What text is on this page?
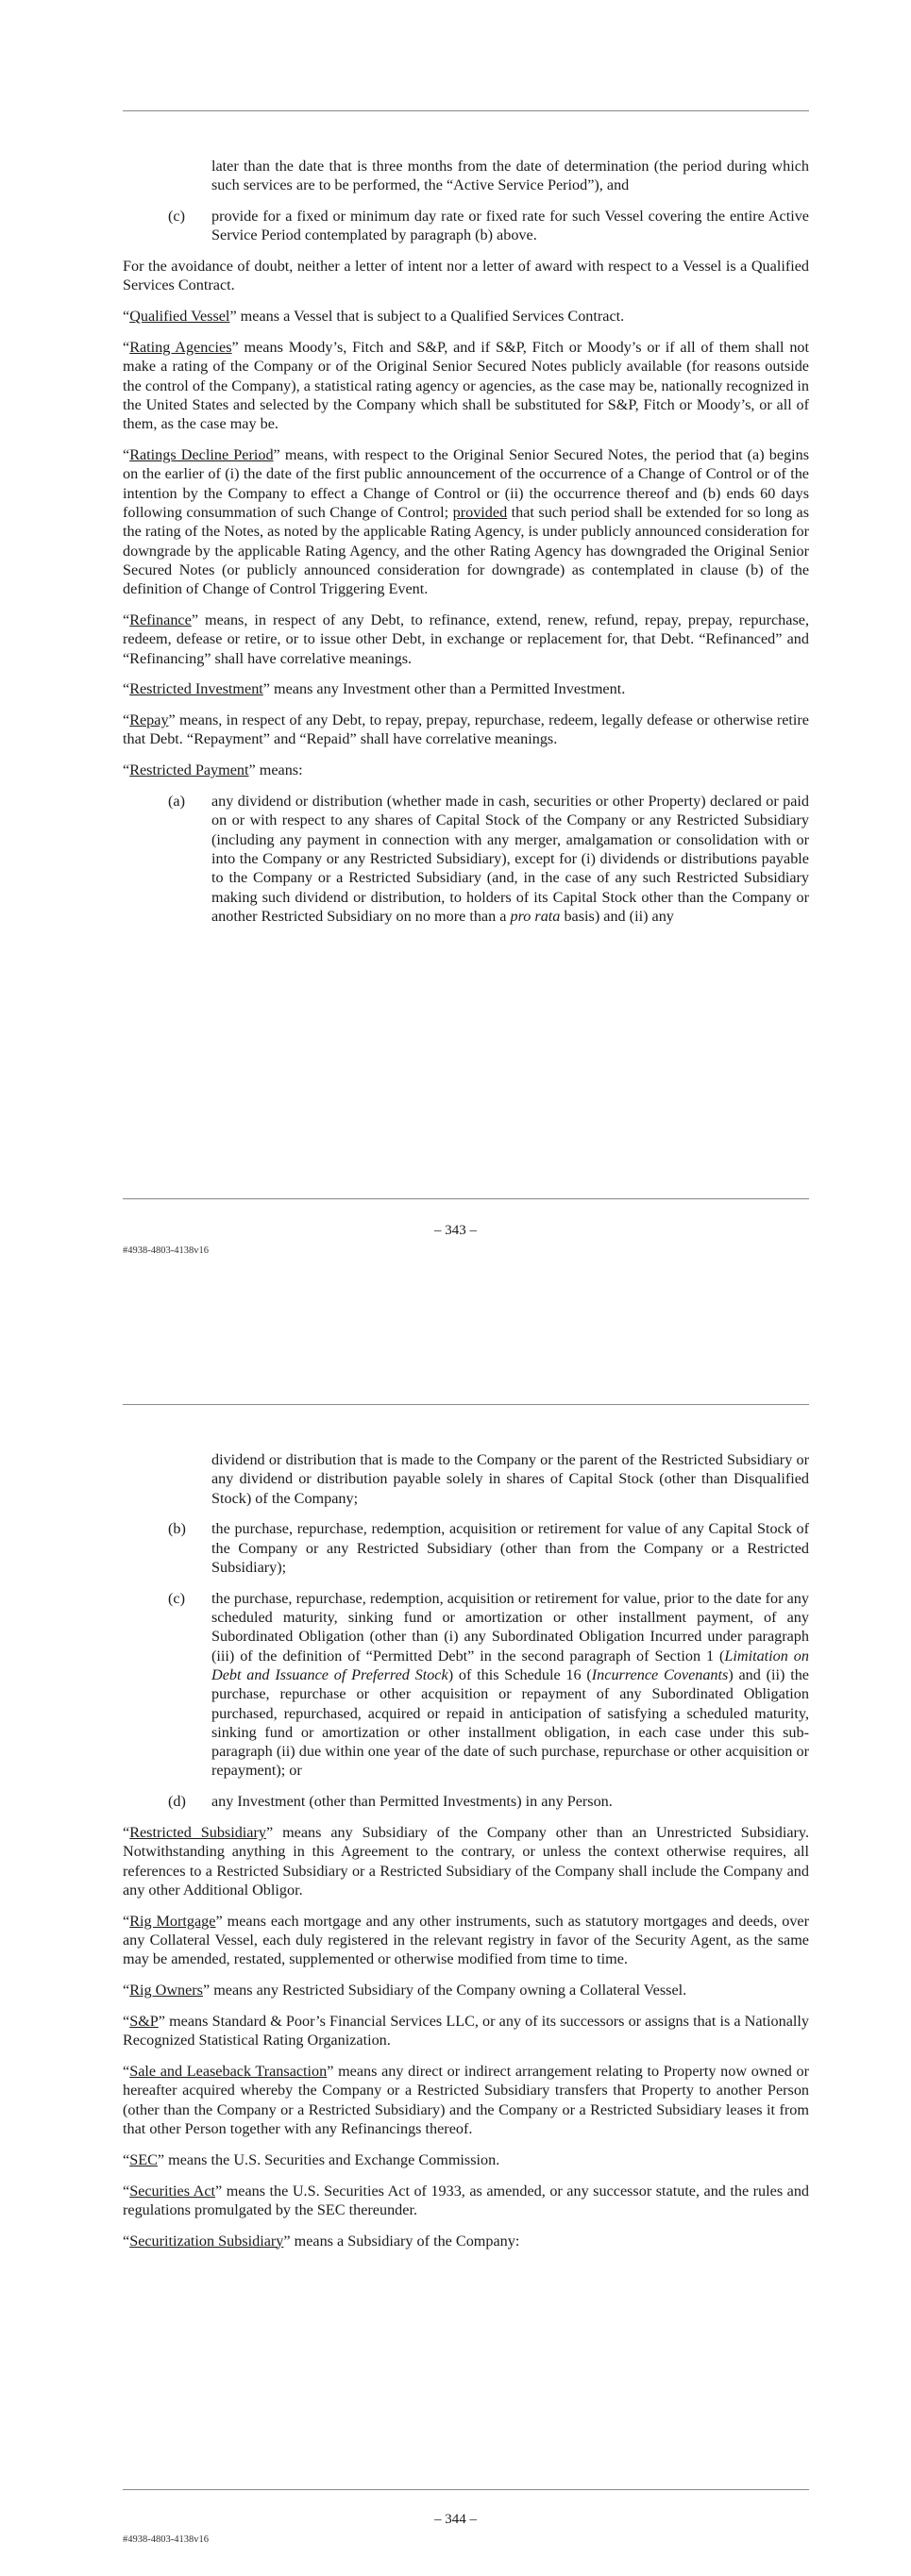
later than the date that is three months from the date of determination (the period during which such services are to be performed, the “Active Service Period”), and

(c) provide for a fixed or minimum day rate or fixed rate for such Vessel covering the entire Active Service Period contemplated by paragraph (b) above.

For the avoidance of doubt, neither a letter of intent nor a letter of award with respect to a Vessel is a Qualified Services Contract.

“Qualified Vessel” means a Vessel that is subject to a Qualified Services Contract.

“Rating Agencies” means Moody’s, Fitch and S&P, and if S&P, Fitch or Moody’s or if all of them shall not make a rating of the Company or of the Original Senior Secured Notes publicly available (for reasons outside the control of the Company), a statistical rating agency or agencies, as the case may be, nationally recognized in the United States and selected by the Company which shall be substituted for S&P, Fitch or Moody’s, or all of them, as the case may be.

“Ratings Decline Period” means, with respect to the Original Senior Secured Notes, the period that (a) begins on the earlier of (i) the date of the first public announcement of the occurrence of a Change of Control or of the intention by the Company to effect a Change of Control or (ii) the occurrence thereof and (b) ends 60 days following consummation of such Change of Control; provided that such period shall be extended for so long as the rating of the Notes, as noted by the applicable Rating Agency, is under publicly announced consideration for downgrade by the applicable Rating Agency, and the other Rating Agency has downgraded the Original Senior Secured Notes (or publicly announced consideration for downgrade) as contemplated in clause (b) of the definition of Change of Control Triggering Event.

“Refinance” means, in respect of any Debt, to refinance, extend, renew, refund, repay, prepay, repurchase, redeem, defease or retire, or to issue other Debt, in exchange or replacement for, that Debt. “Refinanced” and “Refinancing” shall have correlative meanings.

“Restricted Investment” means any Investment other than a Permitted Investment.

“Repay” means, in respect of any Debt, to repay, prepay, repurchase, redeem, legally defease or otherwise retire that Debt. “Repayment” and “Repaid” shall have correlative meanings.

“Restricted Payment” means:

(a) any dividend or distribution (whether made in cash, securities or other Property) declared or paid on or with respect to any shares of Capital Stock of the Company or any Restricted Subsidiary (including any payment in connection with any merger, amalgamation or consolidation with or into the Company or any Restricted Subsidiary), except for (i) dividends or distributions payable to the Company or a Restricted Subsidiary (and, in the case of any such Restricted Subsidiary making such dividend or distribution, to holders of its Capital Stock other than the Company or another Restricted Subsidiary on no more than a pro rata basis) and (ii) any
– 343 –
#4938-4803-4138v16

dividend or distribution that is made to the Company or the parent of the Restricted Subsidiary or any dividend or distribution payable solely in shares of Capital Stock (other than Disqualified Stock) of the Company;

(b) the purchase, repurchase, redemption, acquisition or retirement for value of any Capital Stock of the Company or any Restricted Subsidiary (other than from the Company or a Restricted Subsidiary);
(c) the purchase, repurchase, redemption, acquisition or retirement for value, prior to the date for any scheduled maturity, sinking fund or amortization or other installment payment, of any Subordinated Obligation (other than (i) any Subordinated Obligation Incurred under paragraph (iii) of the definition of “Permitted Debt” in the second paragraph of Section 1 (Limitation on Debt and Issuance of Preferred Stock) of this Schedule 16 (Incurrence Covenants) and (ii) the purchase, repurchase or other acquisition or repayment of any Subordinated Obligation purchased, repurchased, acquired or repaid in anticipation of satisfying a scheduled maturity, sinking fund or amortization or other installment obligation, in each case under this sub-paragraph (ii) due within one year of the date of such purchase, repurchase or other acquisition or repayment); or
(d) any Investment (other than Permitted Investments) in any Person.

“Restricted Subsidiary” means any Subsidiary of the Company other than an Unrestricted Subsidiary. Notwithstanding anything in this Agreement to the contrary, or unless the context otherwise requires, all references to a Restricted Subsidiary or a Restricted Subsidiary of the Company shall include the Company and any other Additional Obligor.

“Rig Mortgage” means each mortgage and any other instruments, such as statutory mortgages and deeds, over any Collateral Vessel, each duly registered in the relevant registry in favor of the Security Agent, as the same may be amended, restated, supplemented or otherwise modified from time to time.

“Rig Owners” means any Restricted Subsidiary of the Company owning a Collateral Vessel.

“S&P” means Standard & Poor’s Financial Services LLC, or any of its successors or assigns that is a Nationally Recognized Statistical Rating Organization.

“Sale and Leaseback Transaction” means any direct or indirect arrangement relating to Property now owned or hereafter acquired whereby the Company or a Restricted Subsidiary transfers that Property to another Person (other than the Company or a Restricted Subsidiary) and the Company or a Restricted Subsidiary leases it from that other Person together with any Refinancings thereof.

“SEC” means the U.S. Securities and Exchange Commission.

“Securities Act” means the U.S. Securities Act of 1933, as amended, or any successor statute, and the rules and regulations promulgated by the SEC thereunder.

“Securitization Subsidiary” means a Subsidiary of the Company:

– 344 –
#4938-4803-4138v16
